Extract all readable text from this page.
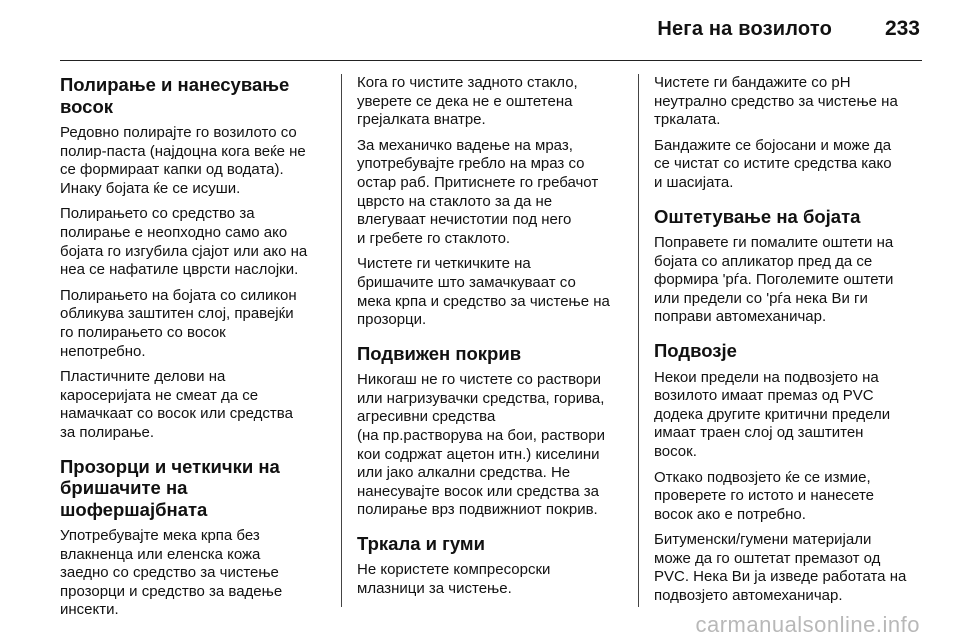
Нега на возилото	233
Полирање и нанесување
восок

Редовно полирајте го возилото со
полир-паста (најдоцна кога веќе не
се формираат капки од водата).
Инаку бојата ќе се исуши.

Полирањето со средство за
полирање е неопходно само ако
бојата го изгубила сјајот или ако на
неа се нафатиле цврсти наслојки.

Полирањето на бојата со силикон
обликува заштитен слој, правејќи
го полирањето со восок
непотребно.

Пластичните делови на
каросеријата не смеат да се
намачкаат со восок или средства
за полирање.

Прозорци и четкички на
бришачите на
шофершајбната

Употребувајте мека крпа без
влакненца или еленска кожа
заедно со средство за чистење
прозорци и средство за вадење
инсекти.

Кога го чистите задното стакло,
уверете се дека не е оштетена
грејалката внатре.

За механичко вадење на мраз,
употребувајте гребло на мраз со
остар раб. Притиснете го гребачот
цврсто на стаклото за да не
влегуваат нечистотии под него
и гребете го стаклото.

Чистете ги четкичките на
бришачите што замачкуваат со
мека крпа и средство за чистење на
прозорци.

Подвижен покрив

Никогаш не го чистете со раствори
или нагризувачки средства, горива,
агресивни средства
(на пр.растворува на бои, раствори
кои содржат ацетон итн.) киселини
или јако алкални средства. Не
нанесувајте восок или средства за
полирање врз подвижниот покрив.

Тркала и гуми

Не користете компресорски
млазници за чистење.

Чистете ги бандажите со pH
неутрално средство за чистење на
тркалата.

Бандажите се бојосани и може да
се чистат со истите средства како
и шасијата.

Оштетување на бојата

Поправете ги помалите оштети на
бојата со апликатор пред да се
формира 'рѓа. Поголемите оштети
или предели со 'рѓа нека Ви ги
поправи автомеханичар.

Подвозје

Некои предели на подвозјето на
возилото имаат премаз од PVC
додека другите критични предели
имаат траен слој од заштитен
восок.

Откако подвозјето ќе се измие,
проверете го истото и нанесете
восок ако е потребно.

Битуменски/гумени материјали
може да го оштетат премазот од
PVC. Нека Ви ја изведе работата на
подвозјето автомеханичар.

carmanualsonline.info
